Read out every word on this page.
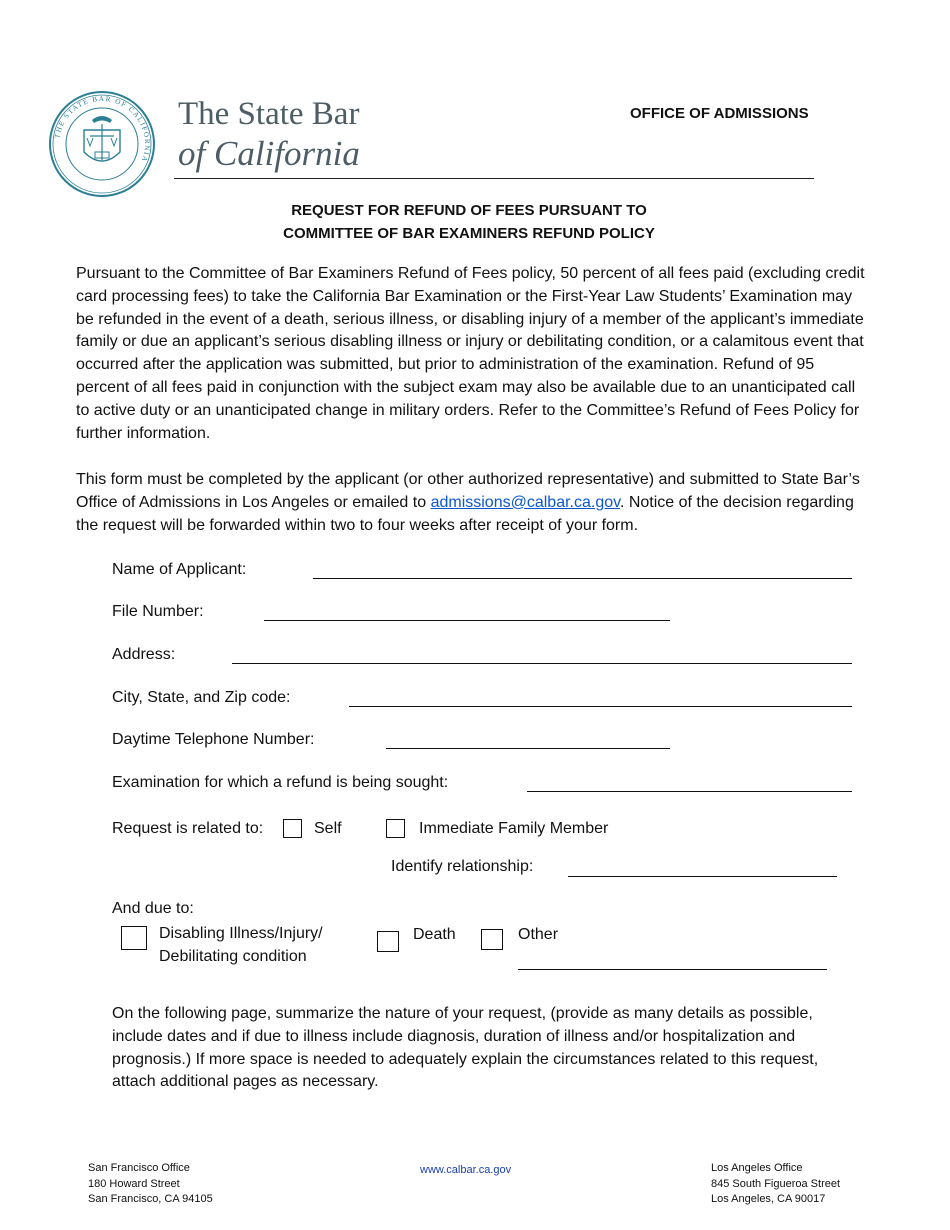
THE STATE BAR OF CALIFORNIA
The State Bar
of California
OFFICE OF ADMISSIONS
REQUEST FOR REFUND OF FEES PURSUANT TO
COMMITTEE OF BAR EXAMINERS REFUND POLICY
Pursuant to the Committee of Bar Examiners Refund of Fees policy, 50 percent of all fees paid (excluding credit card processing fees) to take the California Bar Examination or the First-Year Law Students’ Examination may be refunded in the event of a death, serious illness, or disabling injury of a member of the applicant’s immediate family or due an applicant’s serious disabling illness or injury or debilitating condition, or a calamitous event that occurred after the application was submitted, but prior to administration of the examination. Refund of 95 percent of all fees paid in conjunction with the subject exam may also be available due to an unanticipated call to active duty or an unanticipated change in military orders. Refer to the Committee’s Refund of Fees Policy for further information.
This form must be completed by the applicant (or other authorized representative) and submitted to State Bar’s Office of Admissions in Los Angeles or emailed to admissions@calbar.ca.gov. Notice of the decision regarding the request will be forwarded within two to four weeks after receipt of your form.
Name of Applicant:
File Number:
Address:
City, State, and Zip code:
Daytime Telephone Number:
Examination for which a refund is being sought:
Request is related to:	Self	Immediate Family Member
Identify relationship:
And due to:
Disabling Illness/Injury/
Debilitating condition
Death	Other
On the following page, summarize the nature of your request, (provide as many details as possible, include dates and if due to illness include diagnosis, duration of illness and/or hospitalization and prognosis.) If more space is needed to adequately explain the circumstances related to this request, attach additional pages as necessary.
San Francisco Office
180 Howard Street
San Francisco, CA 94105
www.calbar.ca.gov	Los Angeles Office
845 South Figueroa Street
Los Angeles, CA 90017
